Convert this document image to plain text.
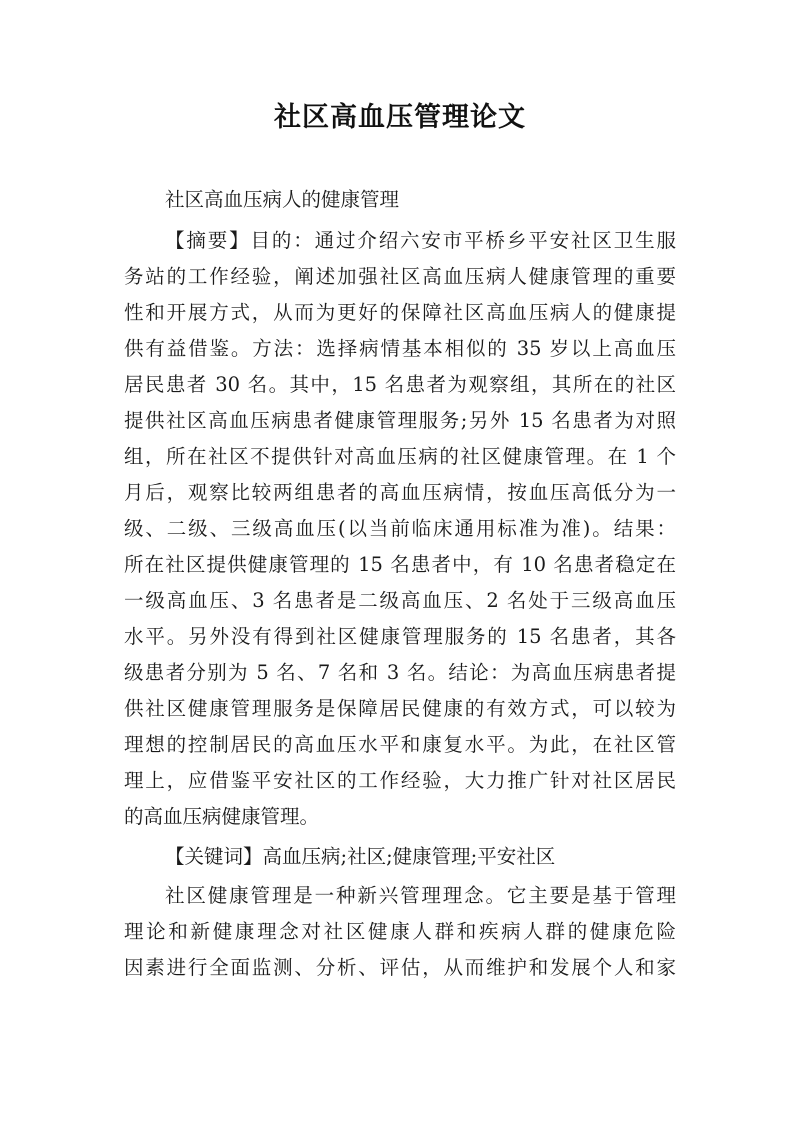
社区高血压管理论文
社区高血压病人的健康管理
【摘要】目的：通过介绍六安市平桥乡平安社区卫生服
务站的工作经验，阐述加强社区高血压病人健康管理的重要
性和开展方式，从而为更好的保障社区高血压病人的健康提
供有益借鉴。方法：选择病情基本相似的 35 岁以上高血压
居民患者 30 名。其中，15 名患者为观察组，其所在的社区
提供社区高血压病患者健康管理服务;另外 15 名患者为对照
组，所在社区不提供针对高血压病的社区健康管理。在 1 个
月后，观察比较两组患者的高血压病情，按血压高低分为一
级、二级、三级高血压(以当前临床通用标准为准)。结果：
所在社区提供健康管理的 15 名患者中，有 10 名患者稳定在
一级高血压、3 名患者是二级高血压、2 名处于三级高血压
水平。另外没有得到社区健康管理服务的 15 名患者，其各
级患者分别为 5 名、7 名和 3 名。结论：为高血压病患者提
供社区健康管理服务是保障居民健康的有效方式，可以较为
理想的控制居民的高血压水平和康复水平。为此，在社区管
理上，应借鉴平安社区的工作经验，大力推广针对社区居民
的高血压病健康管理。
【关键词】高血压病;社区;健康管理;平安社区
社区健康管理是一种新兴管理理念。它主要是基于管理
理论和新健康理念对社区健康人群和疾病人群的健康危险
因素进行全面监测、分析、评估，从而维护和发展个人和家
